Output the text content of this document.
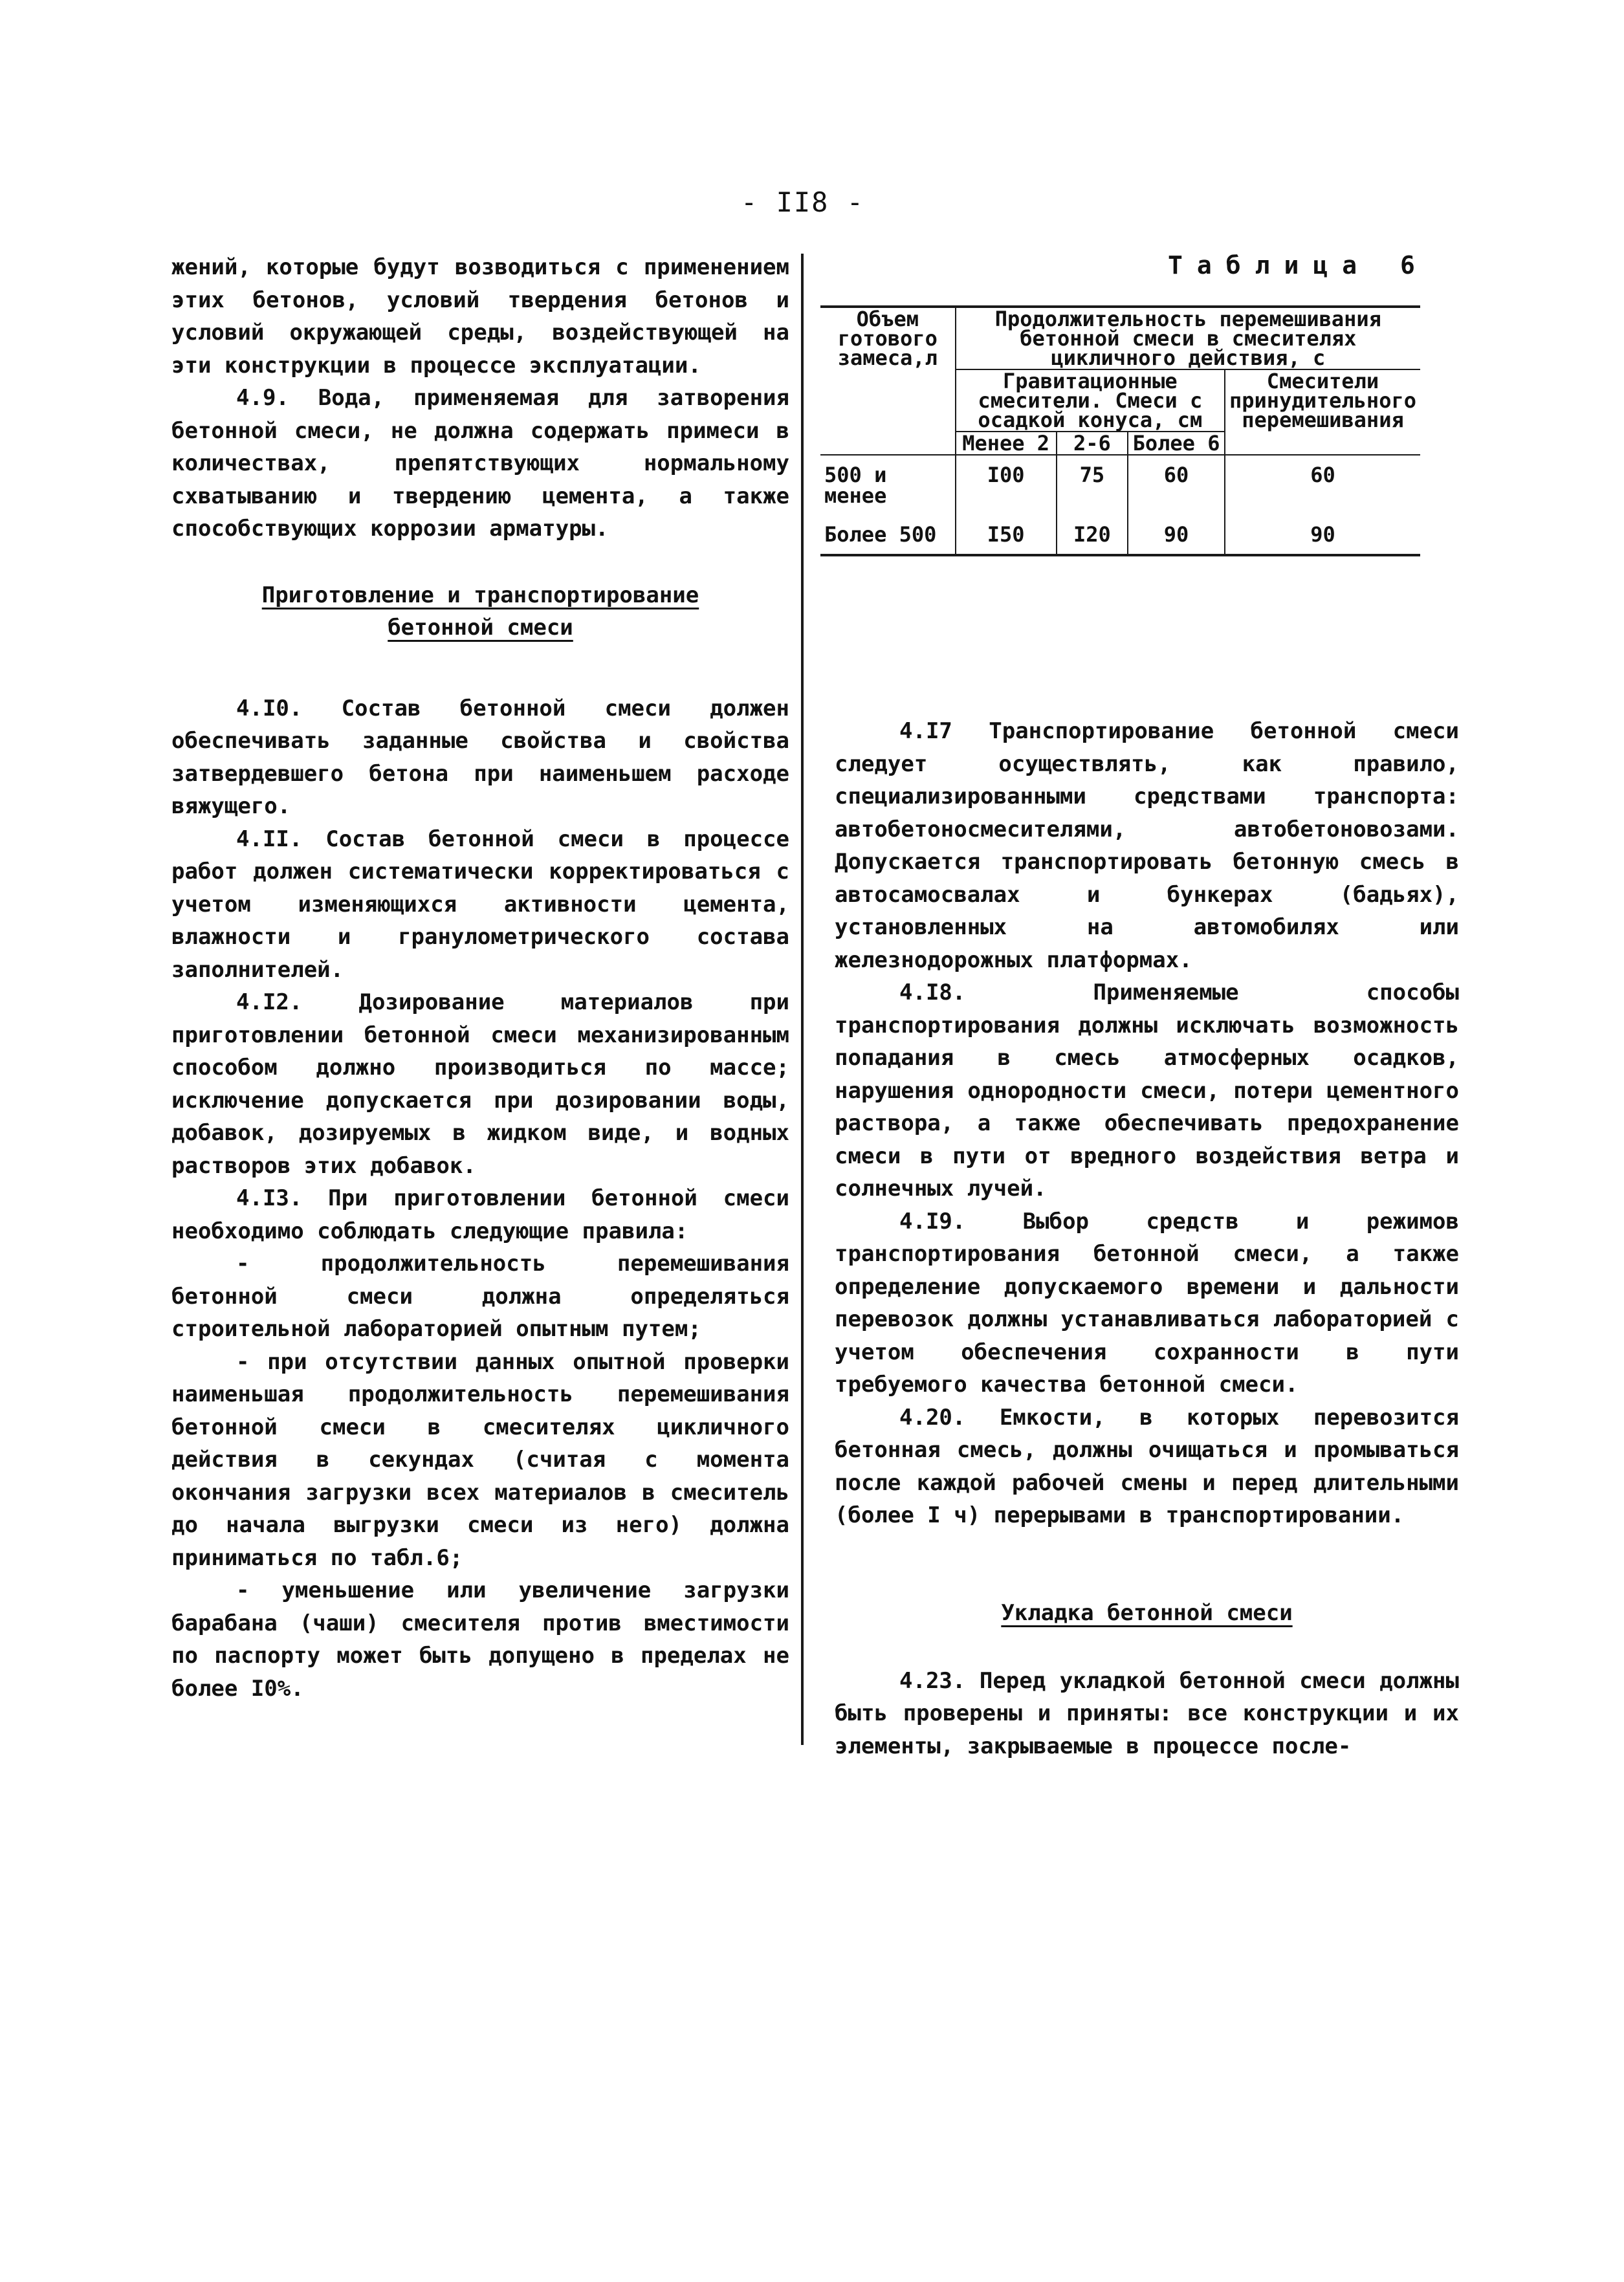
- II8 -

жений, которые будут возводиться с применением этих бетонов, условий твердения бетонов и условий окружающей среды, воздействующей на эти конструкции в процессе эксплуатации.

4.9. Вода, применяемая для затворения бетонной смеси, не должна содержать примеси в количествах, препятствующих нормальному схватыванию и твердению цемента, а также способствующих коррозии арматуры.

Приготовление и транспортирование
бетонной смеси

4.I0. Состав бетонной смеси должен обеспечивать заданные свойства и свойства затвердевшего бетона при наименьшем расходе вяжущего.

4.II. Состав бетонной смеси в процессе работ должен систематически корректироваться с учетом изменяющихся активности цемента, влажности и гранулометрического состава заполнителей.

4.I2. Дозирование материалов при приготовлении бетонной смеси механизированным способом должно производиться по массе; исключение допускается при дозировании воды, добавок, дозируемых в жидком виде, и водных растворов этих добавок.

4.I3. При приготовлении бетонной смеси необходимо соблюдать следующие правила:

- продолжительность перемешивания бетонной смеси должна определяться строительной лабораторией опытным путем;

- при отсутствии данных опытной проверки наименьшая продолжительность перемешивания бетонной смеси в смесителях цикличного действия в секундах (считая с момента окончания загрузки всех материалов в смеситель до начала выгрузки смеси из него) должна приниматься по табл.6;

- уменьшение или увеличение загрузки барабана (чаши) смесителя против вместимости по паспорту может быть допущено в пределах не более I0%.

Таблица 6
Объем готового замеса,л	Продолжительность перемешивания бетонной смеси в смесителях цикличного действия, с			
	Гравитационные смесители. Смеси с осадкой конуса, см			Смесители принудительного перемешивания
	Менее 2	2-6	Более 6	
500 и менее	I00	75	60	60
Более 500	I50	I20	90	90

4.I7 Транспортирование бетонной смеси следует осуществлять, как правило, специализированными средствами транспорта: автобетоносмесителями, автобетоновозами. Допускается транспортировать бетонную смесь в автосамосвалах и бункерах (бадьях), установленных на автомобилях или железнодорожных платформах.

4.I8. Применяемые способы транспортирования должны исключать возможность попадания в смесь атмосферных осадков, нарушения однородности смеси, потери цементного раствора, а также обеспечивать предохранение смеси в пути от вредного воздействия ветра и солнечных лучей.

4.I9. Выбор средств и режимов транспортирования бетонной смеси, а также определение допускаемого времени и дальности перевозок должны устанавливаться лабораторией с учетом обеспечения сохранности в пути требуемого качества бетонной смеси.

4.20. Емкости, в которых перевозится бетонная смесь, должны очищаться и промываться после каждой рабочей смены и перед длительными (более I ч) перерывами в транспортировании.

Укладка бетонной смеси

4.23. Перед укладкой бетонной смеси должны быть проверены и приняты: все конструкции и их элементы, закрываемые в процессе после-
